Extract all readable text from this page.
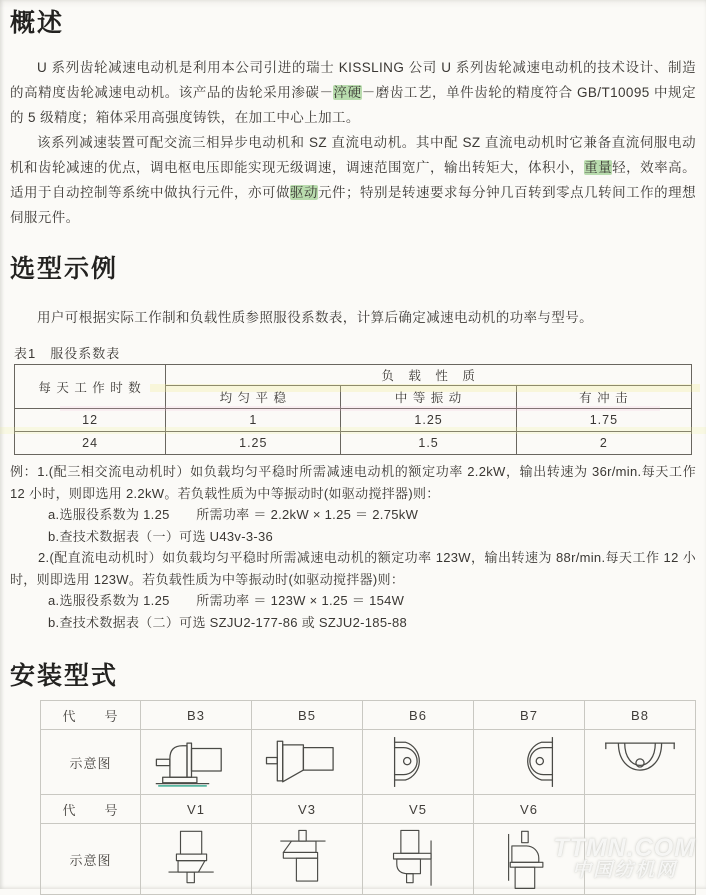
概述

U 系列齿轮减速电动机是利用本公司引进的瑞士 KISSLING 公司 U 系列齿轮减速电动机的技术设计、制造的高精度齿轮减速电动机。该产品的齿轮采用渗碳－淬硬－磨齿工艺，单件齿轮的精度符合 GB/T10095 中规定的 5 级精度；箱体采用高强度铸铁，在加工中心上加工。

该系列减速装置可配交流三相异步电动机和 SZ 直流电动机。其中配 SZ 直流电动机时它兼备直流伺服电动机和齿轮减速的优点，调电枢电压即能实现无级调速，调速范围宽广，输出转矩大，体积小，重量轻，效率高。适用于自动控制等系统中做执行元件，亦可做驱动元件；特别是转速要求每分钟几百转到零点几转间工作的理想伺服元件。

选型示例

用户可根据实际工作制和负载性质参照服役系数表，计算后确定减速电动机的功率与型号。

表1　服役系数表
每 天 工 作 时 数	负　载　性　质		
	均 匀 平 稳	中 等 振 动	有 冲 击
12	1	1.25	1.75
24	1.25	1.5	2

例：1.(配三相交流电动机时）如负载均匀平稳时所需减速电动机的额定功率 2.2kW，输出转速为 36r/min.每天工作 12 小时，则即选用 2.2kW。若负载性质为中等振动时(如驱动搅拌器)则：

a.选服役系数为 1.25　　所需功率 ＝ 2.2kW × 1.25 ＝ 2.75kW

b.查技术数据表（一）可选 U43v-3-36

2.(配直流电动机时）如负载均匀平稳时所需减速电动机的额定功率 123W，输出转速为 88r/min.每天工作 12 小时，则即选用 123W。若负载性质为中等振动时(如驱动搅拌器)则：

a.选服役系数为 1.25　　所需功率 ＝ 123W × 1.25 ＝ 154W

b.查技术数据表（二）可选 SZJU2-177-86 或 SZJU2-185-88

安装型式
代　　号	B3	B5	B6	B7	B8
示意图	

代　　号	V1	V3	V5	V6	
示意图	

		TTMN.COM
中国纺机网
